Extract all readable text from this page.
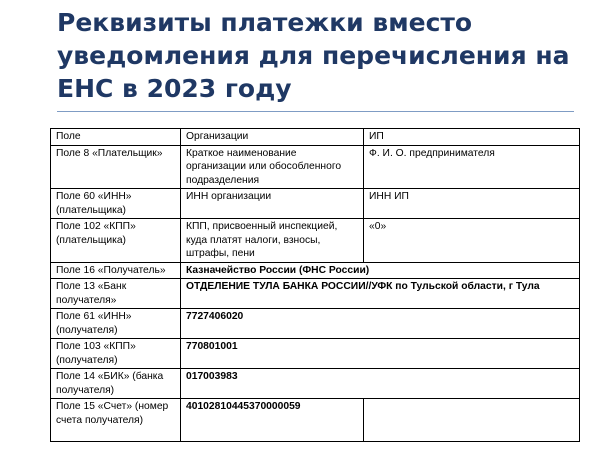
Реквизиты платежки вместо
уведомления для перечисления на
ЕНС в 2023 году
Поле	Организации	ИП
Поле 8 «Плательщик»	Краткое наименование организации или обособленного подразделения	Ф. И. О. предпринимателя
Поле 60 «ИНН» (плательщика)	ИНН организации	ИНН ИП
Поле 102 «КПП» (плательщика)	КПП, присвоенный инспекцией, куда платят налоги, взносы, штрафы, пени	«0»
Поле 16 «Получатель»	Казначейство России (ФНС России)	
Поле 13 «Банк получателя»	ОТДЕЛЕНИЕ ТУЛА БАНКА РОССИИ//УФК по Тульской области, г Тула	
Поле 61 «ИНН» (получателя)	7727406020	
Поле 103 «КПП» (получателя)	770801001	
Поле 14 «БИК» (банка получателя)	017003983	
Поле 15 «Счет» (номер счета получателя)	40102810445370000059	
